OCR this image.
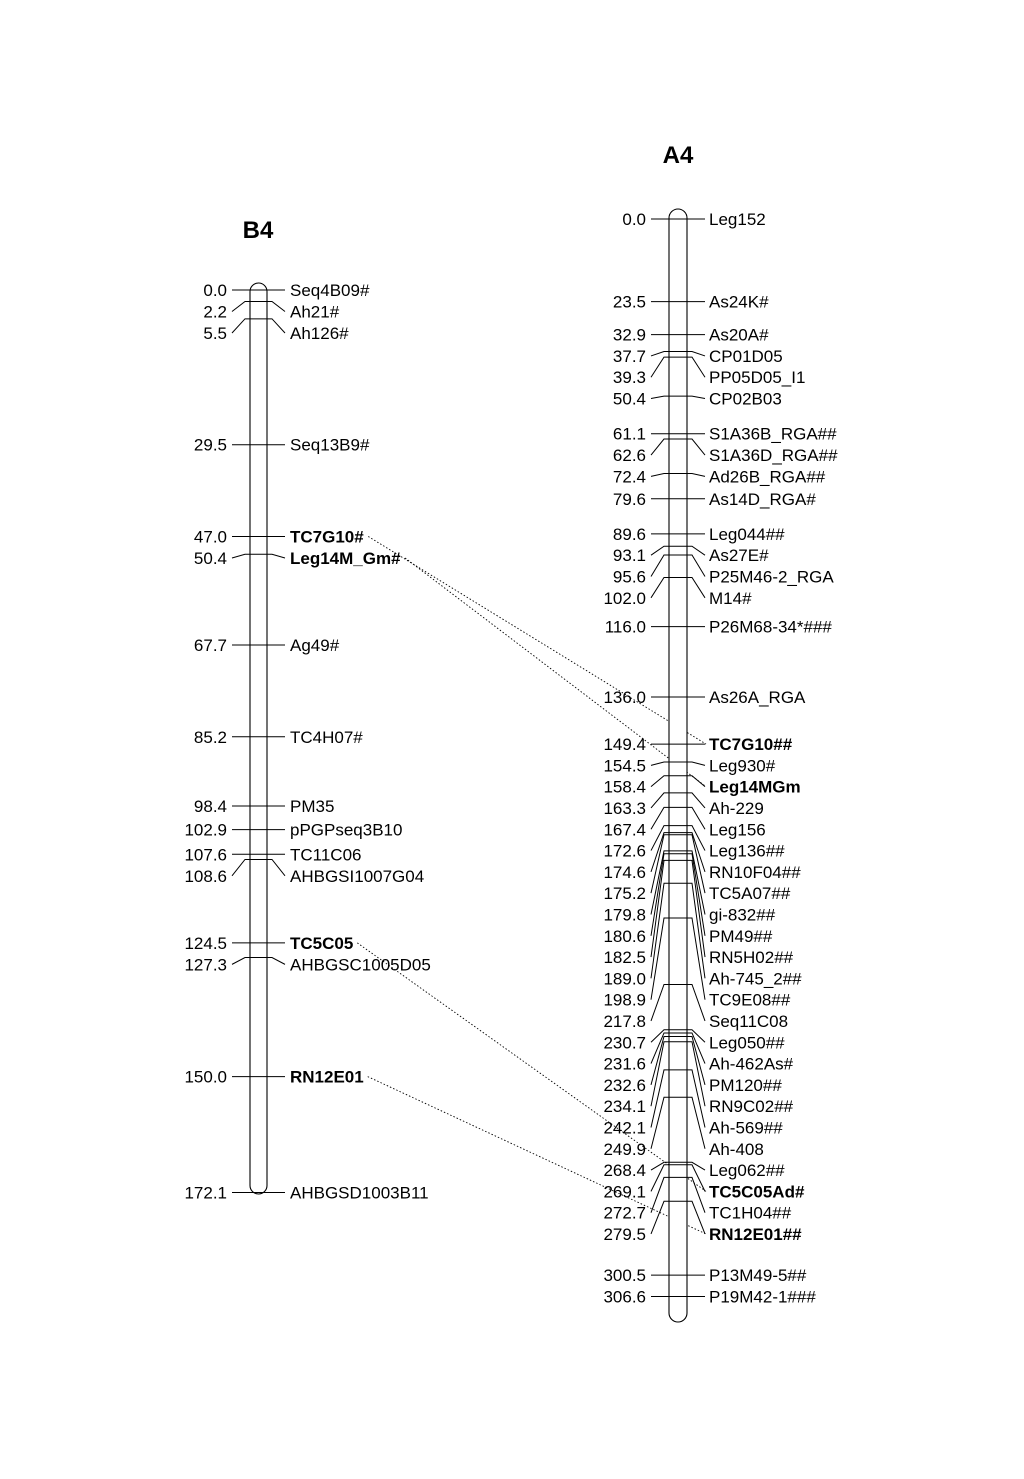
B4
0.0	Seq4B09#
2.2	Ah21#
5.5	Ah126#
29.5	Seq13B9#
47.0	TC7G10#
50.4	Leg14M_Gm#
67.7	Ag49#
85.2	TC4H07#
98.4	PM35
102.9	pPGPseq3B10
107.6	TC11C06
108.6	AHBGSI1007G04
124.5	TC5C05
127.3	AHBGSC1005D05
150.0	RN12E01
172.1	AHBGSD1003B11
A4
0.0	Leg152
23.5	As24K#
32.9	As20A#
37.7	CP01D05
39.3	PP05D05_I1
50.4	CP02B03
61.1	S1A36B_RGA##
62.6	S1A36D_RGA##
72.4	Ad26B_RGA##
79.6	As14D_RGA#
89.6	Leg044##
93.1	As27E#
95.6	P25M46-2_RGA
102.0	M14#
116.0	P26M68-34*###
136.0	As26A_RGA
149.4	TC7G10##
154.5	Leg930#
158.4	Leg14MGm
163.3	Ah-229
167.4	Leg156
172.6	Leg136##
174.6	RN10F04##
175.2	TC5A07##
179.8	gi-832##
180.6	PM49##
182.5	RN5H02##
189.0	Ah-745_2##
198.9	TC9E08##
217.8	Seq11C08
230.7	Leg050##
231.6	Ah-462As#
232.6	PM120##
234.1	RN9C02##
242.1	Ah-569##
249.9	Ah-408
268.4	Leg062##
269.1	TC5C05Ad#
272.7	TC1H04##
279.5	RN12E01##
300.5	P13M49-5##
306.6	P19M42-1###
